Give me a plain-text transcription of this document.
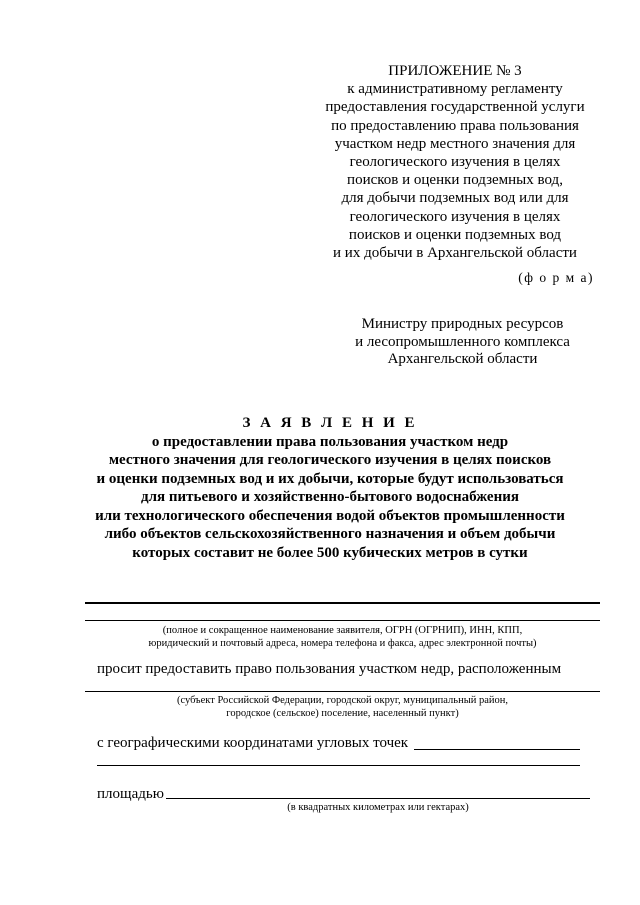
ПРИЛОЖЕНИЕ № 3
к административному регламенту
предоставления государственной услуги
по предоставлению права пользования
участком недр местного значения для
геологического изучения в целях
поисков и оценки подземных вод,
для добычи подземных вод или для
геологического изучения в целях
поисков и оценки подземных вод
и их добычи в Архангельской области
(ф о р м а)
Министру природных ресурсов
и лесопромышленного комплекса
Архангельской области
З А Я В Л Е Н И Е
о предоставлении права пользования участком недр
местного значения для геологического изучения в целях поисков
и оценки подземных вод и их добычи, которые будут использоваться
для питьевого и хозяйственно-бытового водоснабжения
или технологического обеспечения водой объектов промышленности
либо объектов сельскохозяйственного назначения и объем добычи
которых составит не более 500 кубических метров в сутки
(полное и сокращенное наименование заявителя, ОГРН (ОГРНИП), ИНН, КПП,
юридический и почтовый адреса, номера телефона и факса, адрес электронной почты)
просит предоставить право пользования участком недр, расположенным
(субъект Российской Федерации, городской округ, муниципальный район,
городское (сельское) поселение, населенный пункт)
с географическими координатами угловых точек
площадью
(в квадратных километрах или гектарах)
